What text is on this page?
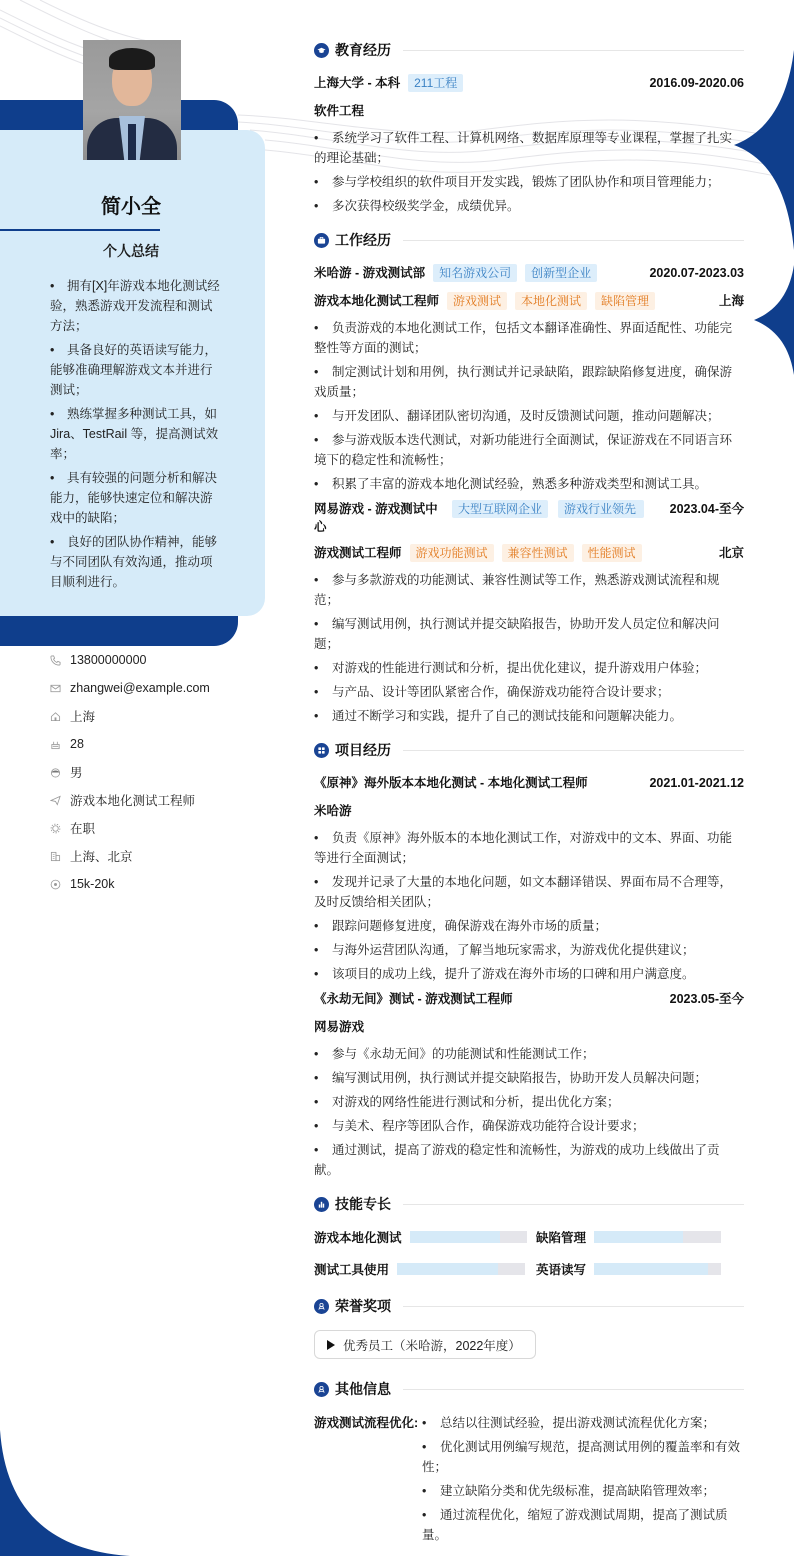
简小全
个人总结
• 拥有[X]年游戏本地化测试经验，熟悉游戏开发流程和测试方法；
• 具备良好的英语读写能力，能够准确理解游戏文本并进行测试；
• 熟练掌握多种测试工具，如 Jira、TestRail 等，提高测试效率；
• 具有较强的问题分析和解决能力，能够快速定位和解决游戏中的缺陷；
• 良好的团队协作精神，能够与不同团队有效沟通，推动项目顺利进行。
13800000000
zhangwei@example.com
上海
28
男
游戏本地化测试工程师
在职
上海、北京
15k-20k
教育经历
上海大学 - 本科	211工程	2016.09-2020.06
软件工程
• 系统学习了软件工程、计算机网络、数据库原理等专业课程，掌握了扎实的理论基础；
• 参与学校组织的软件项目开发实践，锻炼了团队协作和项目管理能力；
• 多次获得校级奖学金，成绩优异。
工作经历
米哈游 - 游戏测试部	知名游戏公司	创新型企业	2020.07-2023.03
游戏本地化测试工程师	游戏测试	本地化测试	缺陷管理	上海
• 负责游戏的本地化测试工作，包括文本翻译准确性、界面适配性、功能完整性等方面的测试；
• 制定测试计划和用例，执行测试并记录缺陷，跟踪缺陷修复进度，确保游戏质量；
• 与开发团队、翻译团队密切沟通，及时反馈测试问题，推动问题解决；
• 参与游戏版本迭代测试，对新功能进行全面测试，保证游戏在不同语言环境下的稳定性和流畅性；
• 积累了丰富的游戏本地化测试经验，熟悉多种游戏类型和测试工具。
网易游戏 - 游戏测试中心
大型互联网企业	游戏行业领先	2023.04-至今
游戏测试工程师	游戏功能测试	兼容性测试	性能测试	北京
• 参与多款游戏的功能测试、兼容性测试等工作，熟悉游戏测试流程和规范；
• 编写测试用例，执行测试并提交缺陷报告，协助开发人员定位和解决问题；
• 对游戏的性能进行测试和分析，提出优化建议，提升游戏用户体验；
• 与产品、设计等团队紧密合作，确保游戏功能符合设计要求；
• 通过不断学习和实践，提升了自己的测试技能和问题解决能力。
项目经历
《原神》海外版本本地化测试 - 本地化测试工程师	2021.01-2021.12
米哈游
• 负责《原神》海外版本的本地化测试工作，对游戏中的文本、界面、功能等进行全面测试；
• 发现并记录了大量的本地化问题，如文本翻译错误、界面布局不合理等，及时反馈给相关团队；
• 跟踪问题修复进度，确保游戏在海外市场的质量；
• 与海外运营团队沟通，了解当地玩家需求，为游戏优化提供建议；
• 该项目的成功上线，提升了游戏在海外市场的口碑和用户满意度。
《永劫无间》测试 - 游戏测试工程师	2023.05-至今
网易游戏
• 参与《永劫无间》的功能测试和性能测试工作；
• 编写测试用例，执行测试并提交缺陷报告，协助开发人员解决问题；
• 对游戏的网络性能进行测试和分析，提出优化方案；
• 与美术、程序等团队合作，确保游戏功能符合设计要求；
• 通过测试，提高了游戏的稳定性和流畅性，为游戏的成功上线做出了贡献。
技能专长
游戏本地化测试	缺陷管理
测试工具使用	英语读写
荣誉奖项
优秀员工（米哈游，2022年度）
其他信息
游戏测试流程优化:	• 总结以往测试经验，提出游戏测试流程优化方案；
• 优化测试用例编写规范，提高测试用例的覆盖率和有效性；
• 建立缺陷分类和优先级标准，提高缺陷管理效率；
• 通过流程优化，缩短了游戏测试周期，提高了测试质量。
